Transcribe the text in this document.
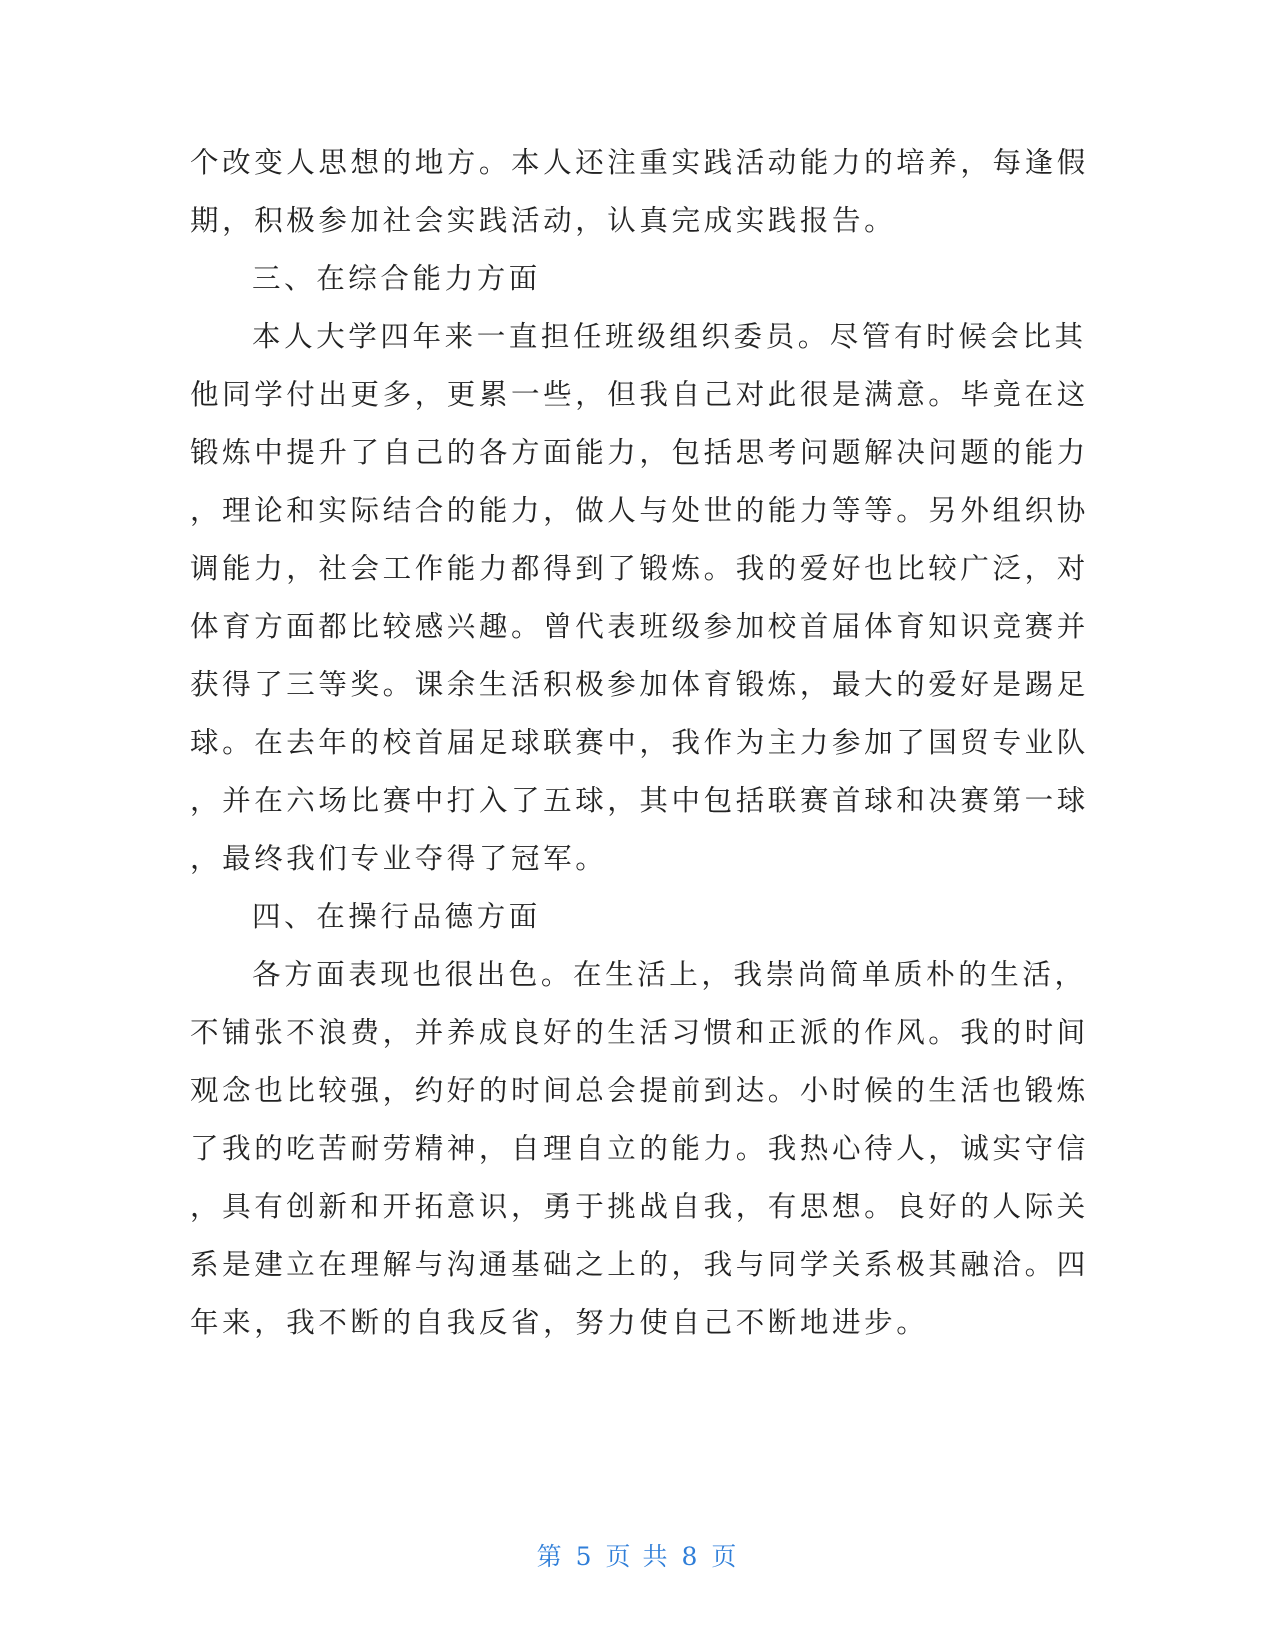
个改变人思想的地方。本人还注重实践活动能力的培养，每逢假

期，积极参加社会实践活动，认真完成实践报告。

三、在综合能力方面

本人大学四年来一直担任班级组织委员。尽管有时候会比其

他同学付出更多，更累一些，但我自己对此很是满意。毕竟在这

锻炼中提升了自己的各方面能力，包括思考问题解决问题的能力

，理论和实际结合的能力，做人与处世的能力等等。另外组织协

调能力，社会工作能力都得到了锻炼。我的爱好也比较广泛，对

体育方面都比较感兴趣。曾代表班级参加校首届体育知识竞赛并

获得了三等奖。课余生活积极参加体育锻炼，最大的爱好是踢足

球。在去年的校首届足球联赛中，我作为主力参加了国贸专业队

，并在六场比赛中打入了五球，其中包括联赛首球和决赛第一球

，最终我们专业夺得了冠军。

四、在操行品德方面

各方面表现也很出色。在生活上，我崇尚简单质朴的生活，

不铺张不浪费，并养成良好的生活习惯和正派的作风。我的时间

观念也比较强，约好的时间总会提前到达。小时候的生活也锻炼

了我的吃苦耐劳精神，自理自立的能力。我热心待人，诚实守信

，具有创新和开拓意识，勇于挑战自我，有思想。良好的人际关

系是建立在理解与沟通基础之上的，我与同学关系极其融洽。四

年来，我不断的自我反省，努力使自己不断地进步。

第 5 页 共 8 页
